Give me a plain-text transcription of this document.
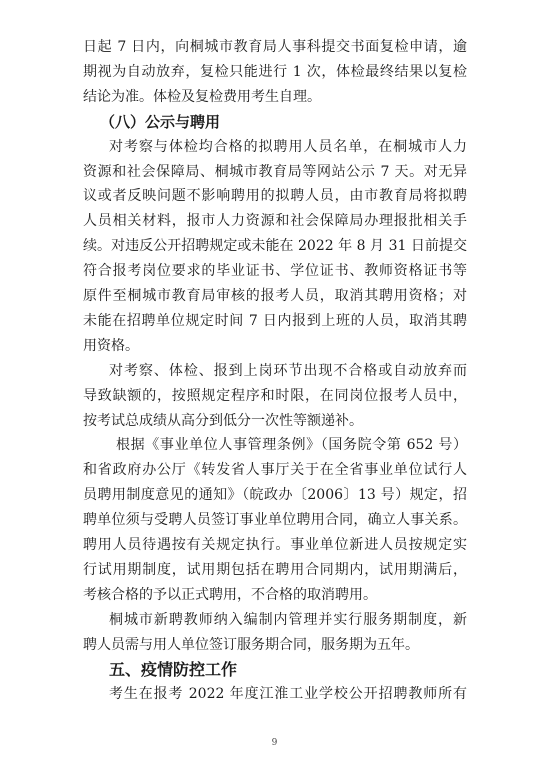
日起 7 日内，向桐城市教育局人事科提交书面复检申请，逾
期视为自动放弃，复检只能进行 1 次，体检最终结果以复检
结论为准。体检及复检费用考生自理。
（八）公示与聘用
对考察与体检均合格的拟聘用人员名单，在桐城市人力
资源和社会保障局、桐城市教育局等网站公示 7 天。对无异
议或者反映问题不影响聘用的拟聘人员，由市教育局将拟聘
人员相关材料，报市人力资源和社会保障局办理报批相关手
续。对违反公开招聘规定或未能在 2022 年 8 月 31 日前提交
符合报考岗位要求的毕业证书、学位证书、教师资格证书等
原件至桐城市教育局审核的报考人员，取消其聘用资格；对
未能在招聘单位规定时间 7 日内报到上班的人员，取消其聘
用资格。
对考察、体检、报到上岗环节出现不合格或自动放弃而
导致缺额的，按照规定程序和时限，在同岗位报考人员中，
按考试总成绩从高分到低分一次性等额递补。
根据《事业单位人事管理条例》（国务院令第 652 号）
和省政府办公厅《转发省人事厅关于在全省事业单位试行人
员聘用制度意见的通知》（皖政办〔2006〕13 号）规定，招
聘单位须与受聘人员签订事业单位聘用合同，确立人事关系。
聘用人员待遇按有关规定执行。事业单位新进人员按规定实
行试用期制度，试用期包括在聘用合同期内，试用期满后，
考核合格的予以正式聘用，不合格的取消聘用。
桐城市新聘教师纳入编制内管理并实行服务期制度，新
聘人员需与用人单位签订服务期合同，服务期为五年。
五、疫情防控工作
考生在报考 2022 年度江淮工业学校公开招聘教师所有
9
